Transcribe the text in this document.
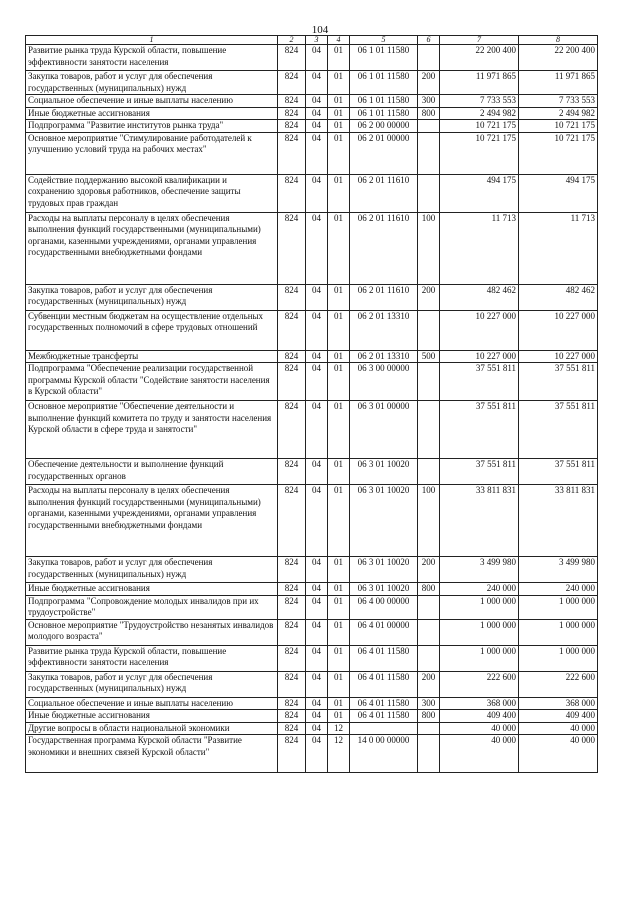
104
1	2	3	4	5	6	7	8
Развитие рынка труда Курской области, повышение эффективности занятости населения	824	04	01	06 1 01 11580		22 200 400	22 200 400
Закупка товаров, работ и услуг для обеспечения государственных (муниципальных) нужд	824	04	01	06 1 01 11580	200	11 971 865	11 971 865
Социальное обеспечение и иные выплаты населению	824	04	01	06 1 01 11580	300	7 733 553	7 733 553
Иные бюджетные ассигнования	824	04	01	06 1 01 11580	800	2 494 982	2 494 982
Подпрограмма "Развитие институтов рынка труда"	824	04	01	06 2 00 00000		10 721 175	10 721 175
Основное мероприятие "Стимулирование работодателей к улучшению условий труда на рабочих местах"	824	04	01	06 2 01 00000		10 721 175	10 721 175
Содействие поддержанию высокой квалификации и сохранению здоровья работников, обеспечение защиты трудовых прав граждан	824	04	01	06 2 01 11610		494 175	494 175
Расходы на выплаты персоналу в целях обеспечения выполнения функций государственными (муниципальными) органами, казенными учреждениями, органами управления государственными внебюджетными фондами	824	04	01	06 2 01 11610	100	11 713	11 713
Закупка товаров, работ и услуг для обеспечения государственных (муниципальных) нужд	824	04	01	06 2 01 11610	200	482 462	482 462
Субвенции местным бюджетам на осуществление отдельных государственных полномочий в сфере трудовых отношений	824	04	01	06 2 01 13310		10 227 000	10 227 000
Межбюджетные трансферты	824	04	01	06 2 01 13310	500	10 227 000	10 227 000
Подпрограмма "Обеспечение реализации государственной программы Курской области "Содействие занятости населения в Курской области"	824	04	01	06 3 00 00000		37 551 811	37 551 811
Основное мероприятие "Обеспечение деятельности и выполнение функций комитета по труду и занятости населения Курской области в сфере труда и занятости"	824	04	01	06 3 01 00000		37 551 811	37 551 811
Обеспечение деятельности и выполнение функций государственных органов	824	04	01	06 3 01 10020		37 551 811	37 551 811
Расходы на выплаты персоналу в целях обеспечения выполнения функций государственными (муниципальными) органами, казенными учреждениями, органами управления государственными внебюджетными фондами	824	04	01	06 3 01 10020	100	33 811 831	33 811 831
Закупка товаров, работ и услуг для обеспечения государственных (муниципальных) нужд	824	04	01	06 3 01 10020	200	3 499 980	3 499 980
Иные бюджетные ассигнования	824	04	01	06 3 01 10020	800	240 000	240 000
Подпрограмма "Сопровождение молодых инвалидов при их трудоустройстве"	824	04	01	06 4 00 00000		1 000 000	1 000 000
Основное мероприятие "Трудоустройство незанятых инвалидов молодого возраста"	824	04	01	06 4 01 00000		1 000 000	1 000 000
Развитие рынка труда Курской области, повышение эффективности занятости населения	824	04	01	06 4 01 11580		1 000 000	1 000 000
Закупка товаров, работ и услуг для обеспечения государственных (муниципальных) нужд	824	04	01	06 4 01 11580	200	222 600	222 600
Социальное обеспечение и иные выплаты населению	824	04	01	06 4 01 11580	300	368 000	368 000
Иные бюджетные ассигнования	824	04	01	06 4 01 11580	800	409 400	409 400
Другие вопросы в области национальной экономики	824	04	12			40 000	40 000
Государственная программа Курской области "Развитие экономики и внешних связей Курской области"	824	04	12	14 0 00 00000		40 000	40 000
